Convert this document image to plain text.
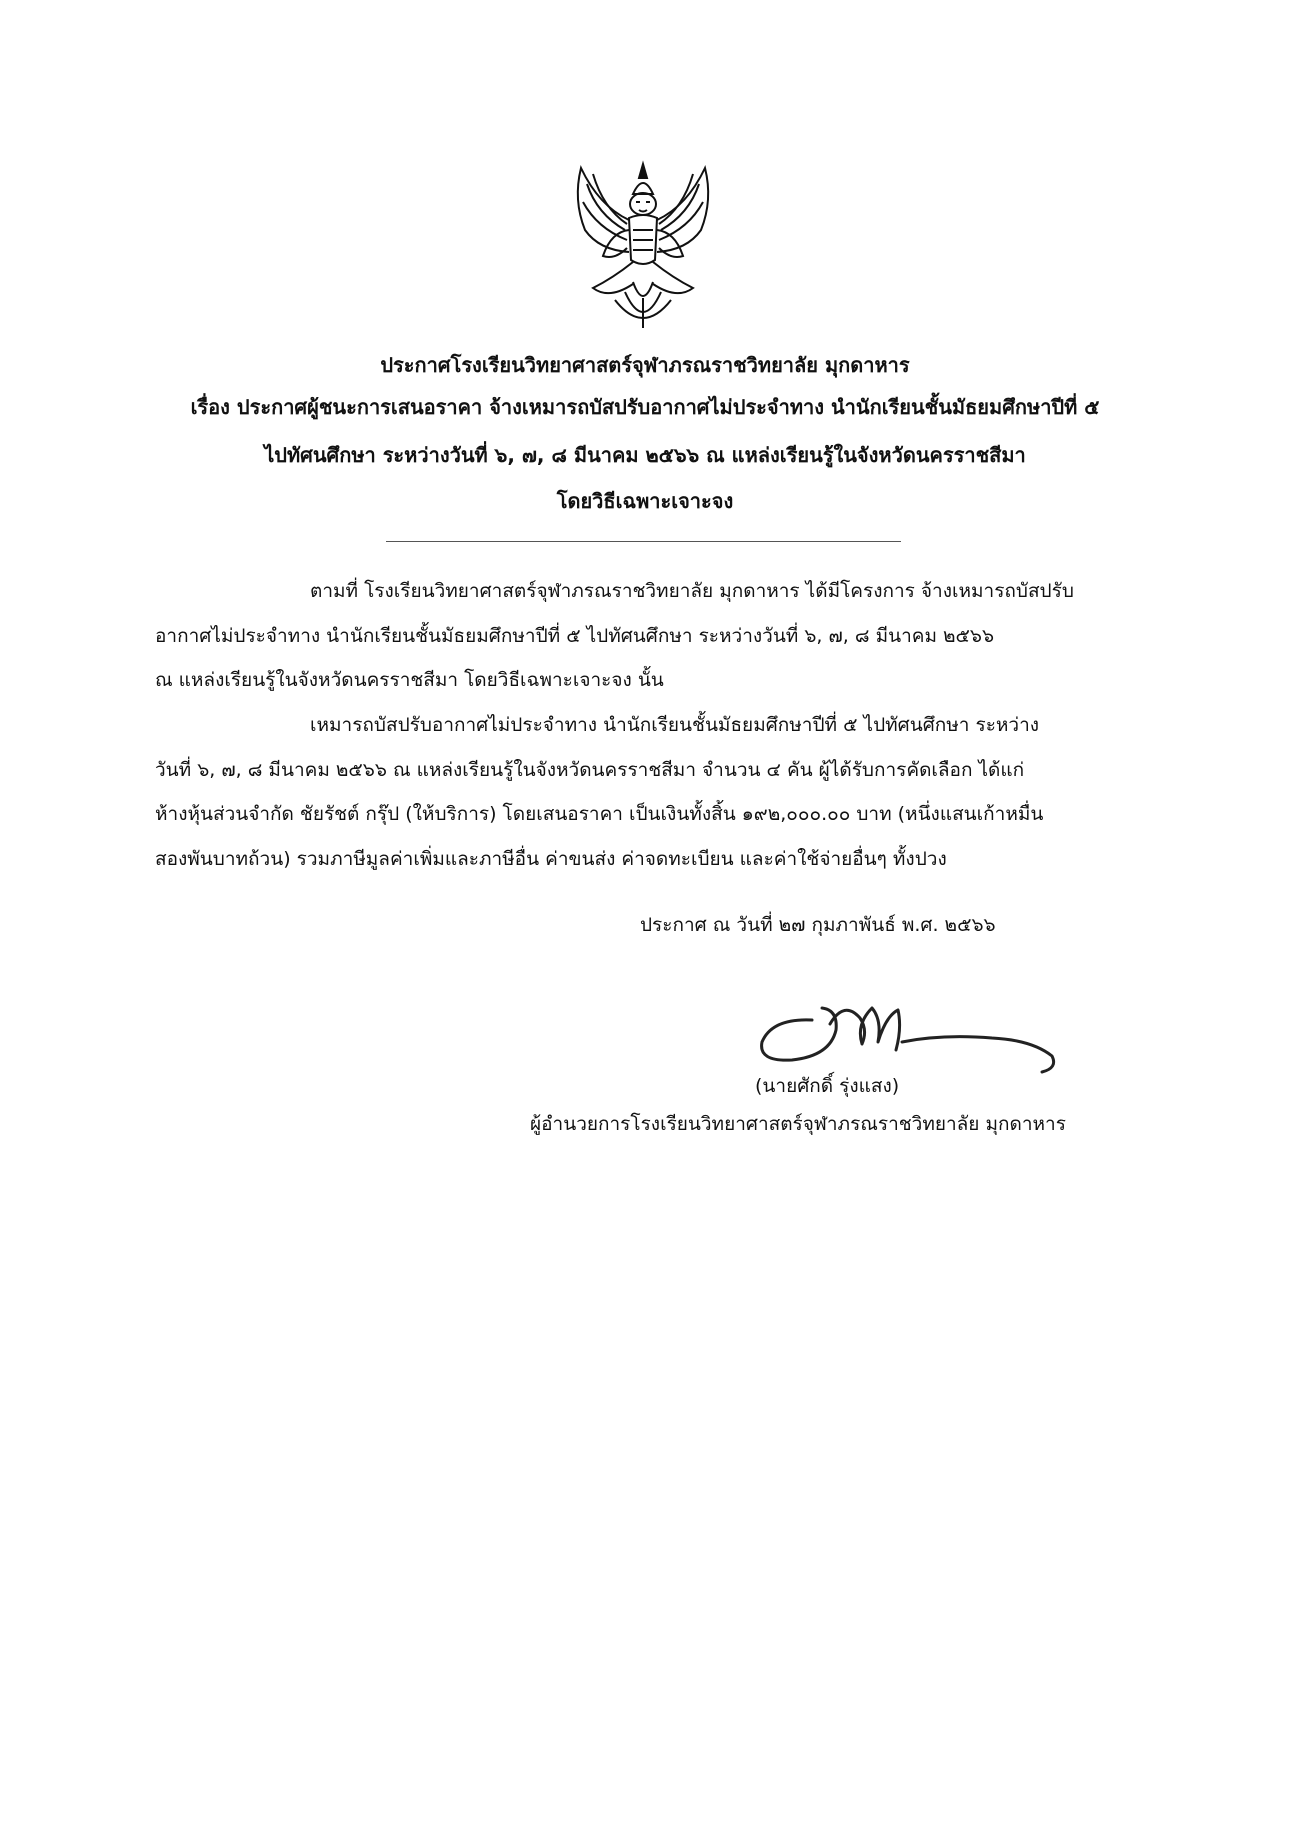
ประกาศโรงเรียนวิทยาศาสตร์จุฬาภรณราชวิทยาลัย มุกดาหาร
เรื่อง ประกาศผู้ชนะการเสนอราคา จ้างเหมารถบัสปรับอากาศไม่ประจำทาง นำนักเรียนชั้นมัธยมศึกษาปีที่ ๕
ไปทัศนศึกษา ระหว่างวันที่ ๖, ๗, ๘ มีนาคม ๒๕๖๖ ณ แหล่งเรียนรู้ในจังหวัดนครราชสีมา
โดยวิธีเฉพาะเจาะจง
ตามที่ โรงเรียนวิทยาศาสตร์จุฬาภรณราชวิทยาลัย มุกดาหาร ได้มีโครงการ จ้างเหมารถบัสปรับ
อากาศไม่ประจำทาง นำนักเรียนชั้นมัธยมศึกษาปีที่ ๕ ไปทัศนศึกษา ระหว่างวันที่ ๖, ๗, ๘ มีนาคม ๒๕๖๖
ณ แหล่งเรียนรู้ในจังหวัดนครราชสีมา โดยวิธีเฉพาะเจาะจง นั้น
เหมารถบัสปรับอากาศไม่ประจำทาง นำนักเรียนชั้นมัธยมศึกษาปีที่ ๕ ไปทัศนศึกษา ระหว่าง
วันที่ ๖, ๗, ๘ มีนาคม ๒๕๖๖ ณ แหล่งเรียนรู้ในจังหวัดนครราชสีมา จำนวน ๔ คัน ผู้ได้รับการคัดเลือก ได้แก่
ห้างหุ้นส่วนจำกัด ชัยรัชต์ กรุ๊ป (ให้บริการ) โดยเสนอราคา เป็นเงินทั้งสิ้น ๑๙๒,๐๐๐.๐๐ บาท (หนึ่งแสนเก้าหมื่น
สองพันบาทถ้วน) รวมภาษีมูลค่าเพิ่มและภาษีอื่น ค่าขนส่ง ค่าจดทะเบียน และค่าใช้จ่ายอื่นๆ ทั้งปวง
ประกาศ ณ วันที่ ๒๗ กุมภาพันธ์ พ.ศ. ๒๕๖๖
(นายศักดิ์ รุ่งแสง)
ผู้อำนวยการโรงเรียนวิทยาศาสตร์จุฬาภรณราชวิทยาลัย มุกดาหาร
